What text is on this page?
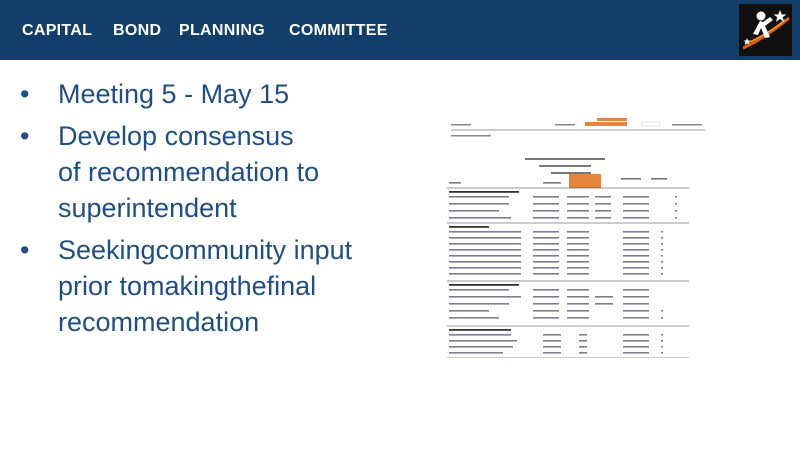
CAPITAL BOND PLANNING COMMITTEE
• Meeting 5 - May 15
• Develop consensus
of recommendation to
superintendent
• Seekingcommunity input
prior tomakingthefinal
recommendation
